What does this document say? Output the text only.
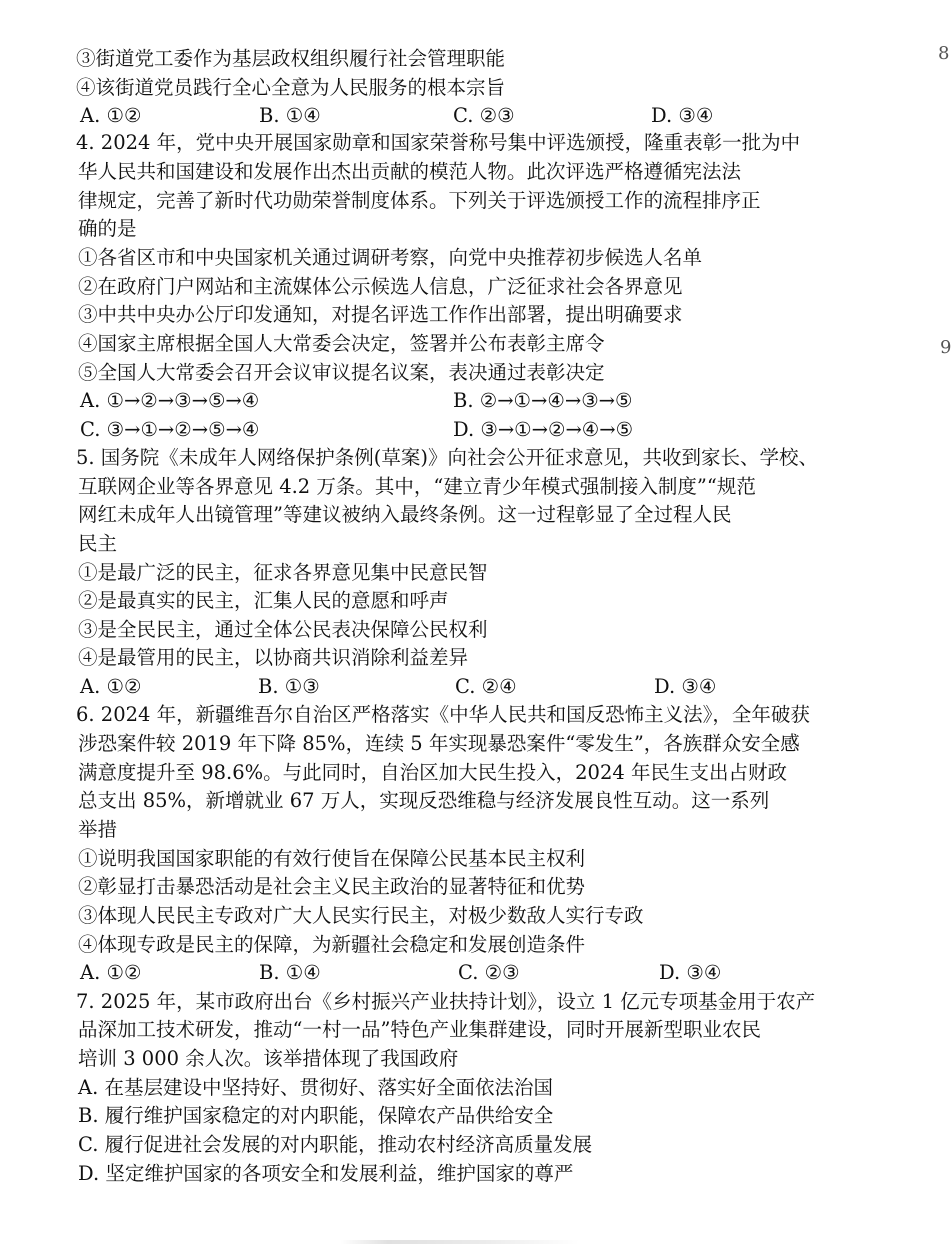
③街道党工委作为基层政权组织履行社会管理职能
④该街道党员践行全心全意为人民服务的根本宗旨
A. ①②	B. ①④	C. ②③	D. ③④
4. 2024 年，党中央开展国家勋章和国家荣誉称号集中评选颁授，隆重表彰一批为中
华人民共和国建设和发展作出杰出贡献的模范人物。此次评选严格遵循宪法法
律规定，完善了新时代功勋荣誉制度体系。下列关于评选颁授工作的流程排序正
确的是
①各省区市和中央国家机关通过调研考察，向党中央推荐初步候选人名单
②在政府门户网站和主流媒体公示候选人信息，广泛征求社会各界意见
③中共中央办公厅印发通知，对提名评选工作作出部署，提出明确要求
④国家主席根据全国人大常委会决定，签署并公布表彰主席令
⑤全国人大常委会召开会议审议提名议案，表决通过表彰决定
A. ①→②→③→⑤→④	B. ②→①→④→③→⑤
C. ③→①→②→⑤→④	D. ③→①→②→④→⑤
5. 国务院《未成年人网络保护条例(草案)》向社会公开征求意见，共收到家长、学校、
互联网企业等各界意见 4.2 万条。其中，“建立青少年模式强制接入制度”“规范
网红未成年人出镜管理”等建议被纳入最终条例。这一过程彰显了全过程人民
民主
①是最广泛的民主，征求各界意见集中民意民智
②是最真实的民主，汇集人民的意愿和呼声
③是全民民主，通过全体公民表决保障公民权利
④是最管用的民主，以协商共识消除利益差异
A. ①②	B. ①③	C. ②④	D. ③④
6. 2024 年，新疆维吾尔自治区严格落实《中华人民共和国反恐怖主义法》，全年破获
涉恐案件较 2019 年下降 85%，连续 5 年实现暴恐案件“零发生”，各族群众安全感
满意度提升至 98.6%。与此同时，自治区加大民生投入，2024 年民生支出占财政
总支出 85%，新增就业 67 万人，实现反恐维稳与经济发展良性互动。这一系列
举措
①说明我国国家职能的有效行使旨在保障公民基本民主权利
②彰显打击暴恐活动是社会主义民主政治的显著特征和优势
③体现人民民主专政对广大人民实行民主，对极少数敌人实行专政
④体现专政是民主的保障，为新疆社会稳定和发展创造条件
A. ①②	B. ①④	C. ②③	D. ③④
7. 2025 年，某市政府出台《乡村振兴产业扶持计划》，设立 1 亿元专项基金用于农产
品深加工技术研发，推动“一村一品”特色产业集群建设，同时开展新型职业农民
培训 3 000 余人次。该举措体现了我国政府
A. 在基层建设中坚持好、贯彻好、落实好全面依法治国
B. 履行维护国家稳定的对内职能，保障农产品供给安全
C. 履行促进社会发展的对内职能，推动农村经济高质量发展
D. 坚定维护国家的各项安全和发展利益，维护国家的尊严
8
9
